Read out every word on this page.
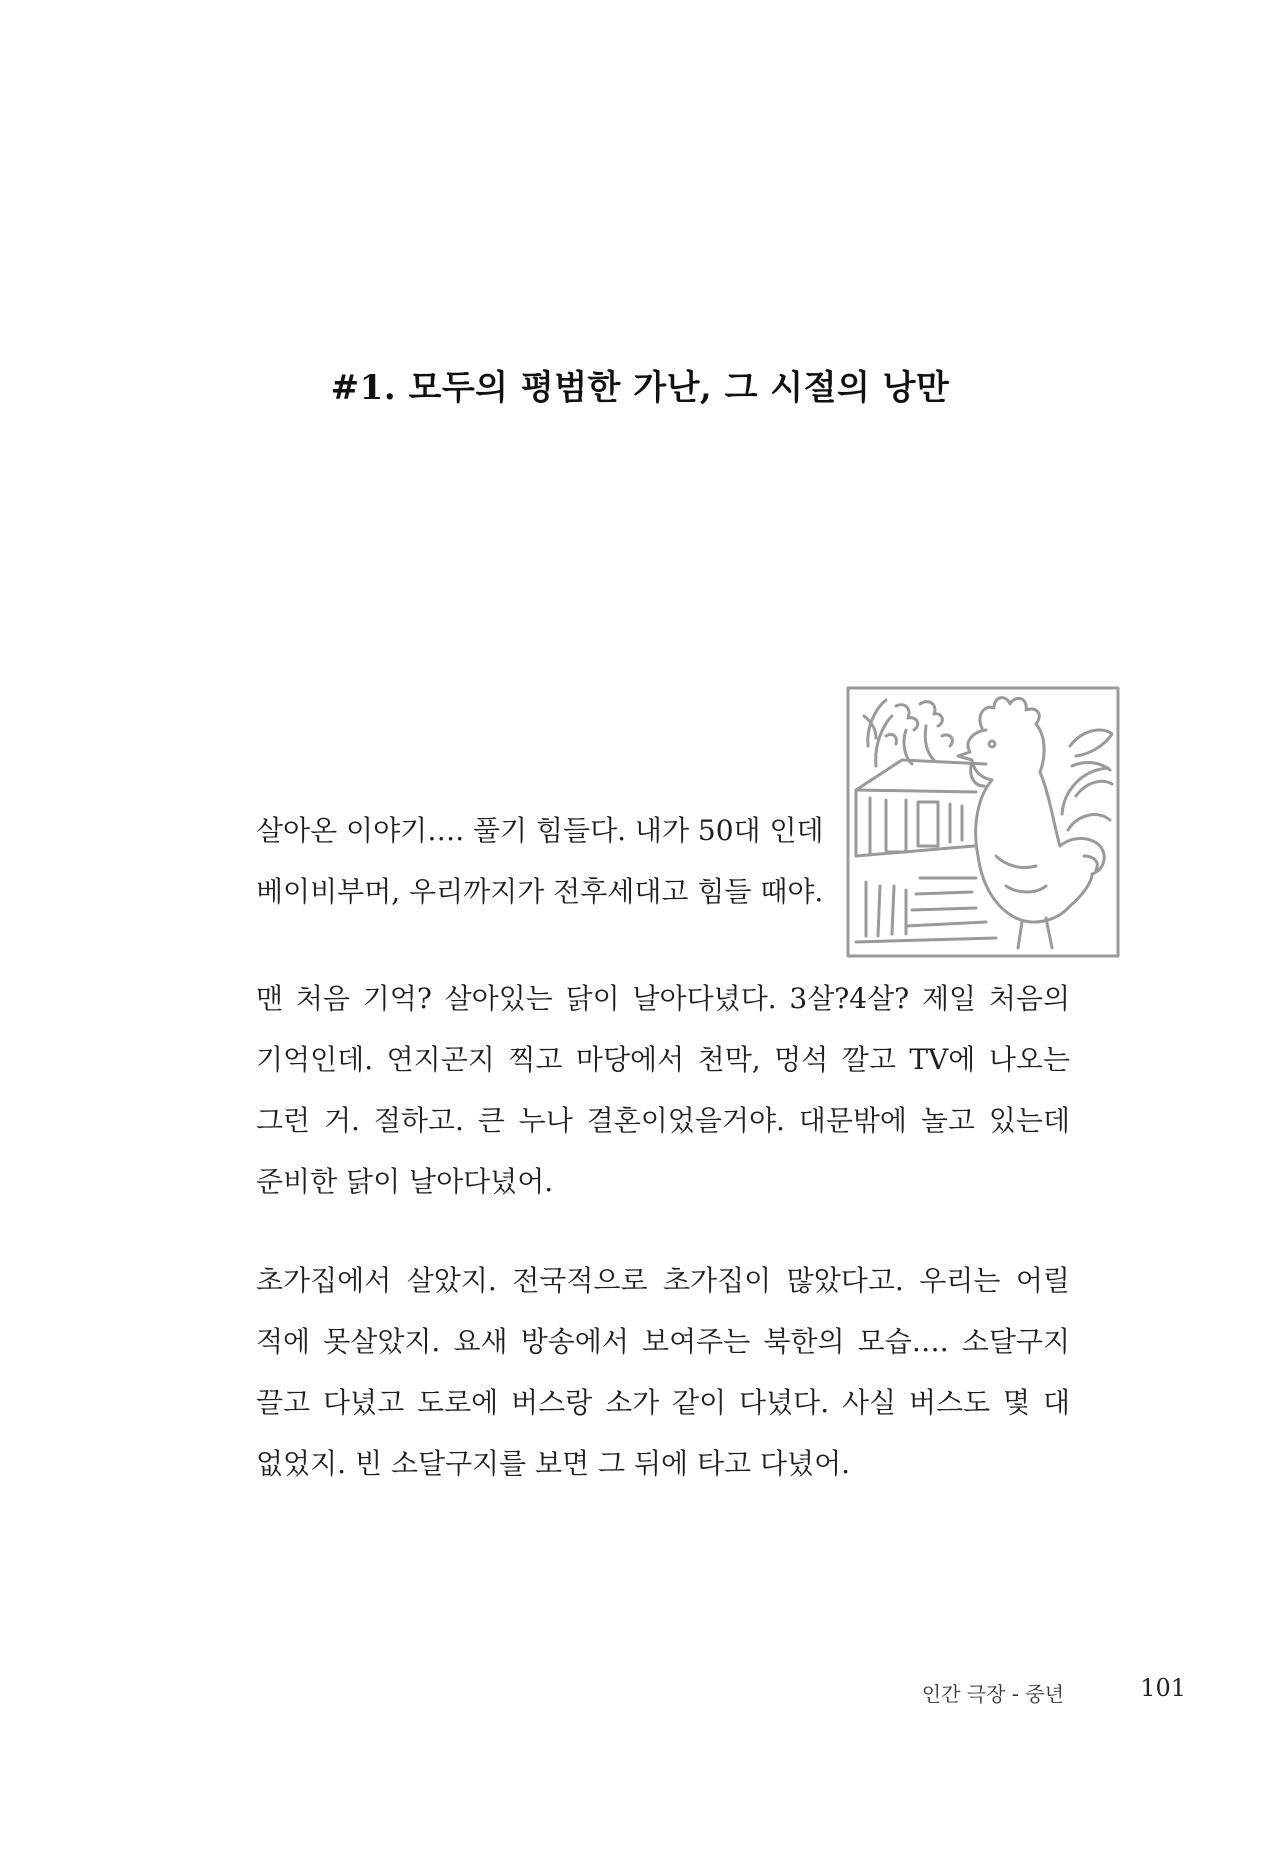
#1. 모두의 평범한 가난, 그 시절의 낭만
살아온 이야기…. 풀기 힘들다. 내가 50대 인데
베이비부머, 우리까지가 전후세대고 힘들 때야.
맨 처음 기억? 살아있는 닭이 날아다녔다. 3살?4살? 제일 처음의
기억인데. 연지곤지 찍고 마당에서 천막, 멍석 깔고 TV에 나오는
그런 거. 절하고. 큰 누나 결혼이었을거야. 대문밖에 놀고 있는데
준비한 닭이 날아다녔어.
초가집에서 살았지. 전국적으로 초가집이 많았다고. 우리는 어릴
적에 못살았지. 요새 방송에서 보여주는 북한의 모습…. 소달구지
끌고 다녔고 도로에 버스랑 소가 같이 다녔다. 사실 버스도 몇 대
없었지. 빈 소달구지를 보면 그 뒤에 타고 다녔어.
인간 극장 - 중년	101
